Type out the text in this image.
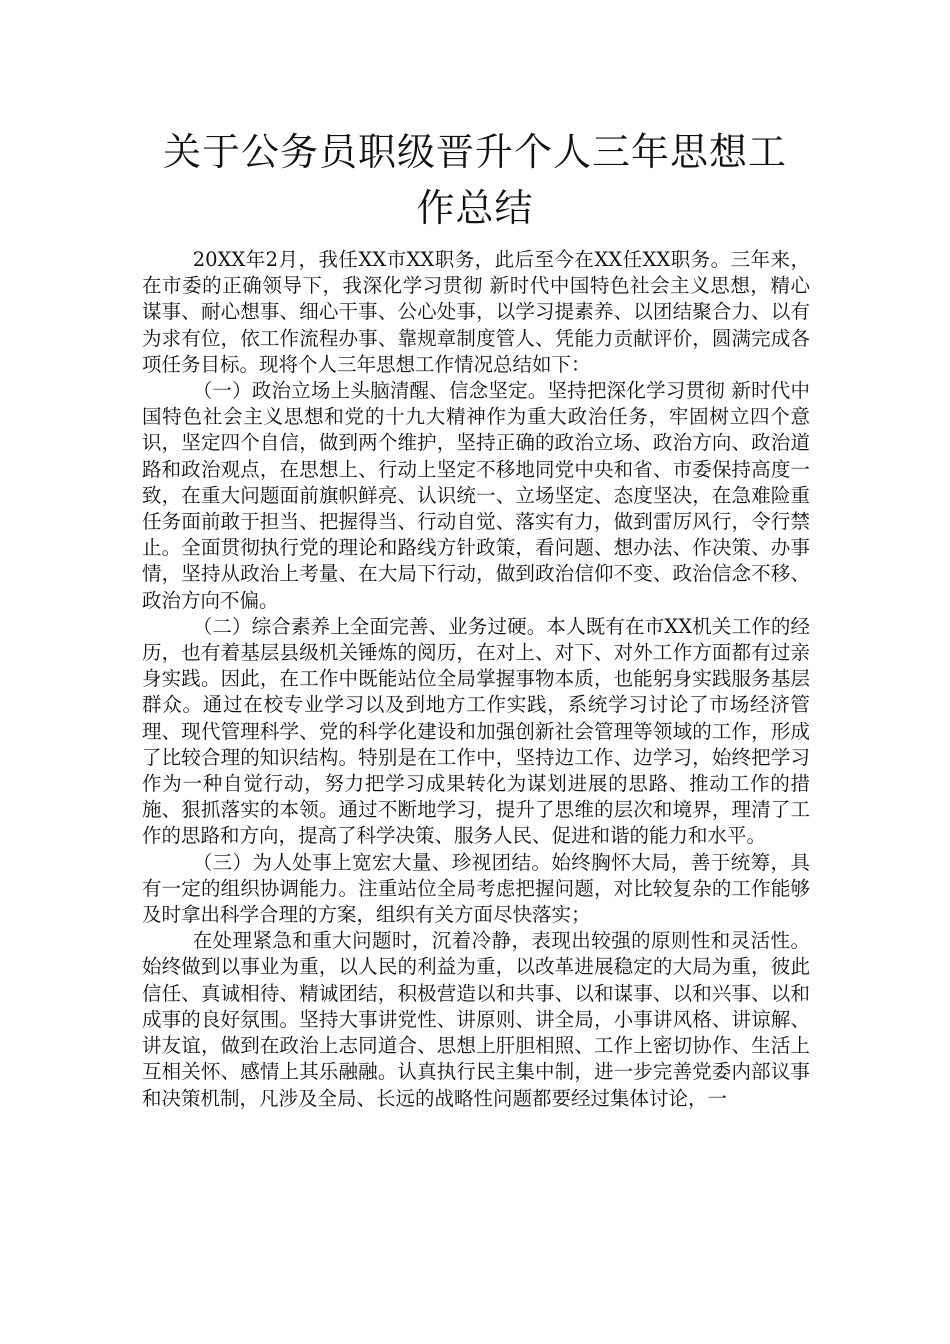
关于公务员职级晋升个人三年思想工作总结

20XX年2月，我任XX市XX职务，此后至今在XX任XX职务。三年来，在市委的正确领导下，我深化学习贯彻 新时代中国特色社会主义思想，精心谋事、耐心想事、细心干事、公心处事，以学习提素养、以团结聚合力、以有为求有位，依工作流程办事、靠规章制度管人、凭能力贡献评价，圆满完成各项任务目标。现将个人三年思想工作情况总结如下：

（一）政治立场上头脑清醒、信念坚定。坚持把深化学习贯彻 新时代中国特色社会主义思想和党的十九大精神作为重大政治任务，牢固树立四个意识，坚定四个自信，做到两个维护，坚持正确的政治立场、政治方向、政治道路和政治观点，在思想上、行动上坚定不移地同党中央和省、市委保持高度一致，在重大问题面前旗帜鲜亮、认识统一、立场坚定、态度坚决，在急难险重任务面前敢于担当、把握得当、行动自觉、落实有力，做到雷厉风行，令行禁止。全面贯彻执行党的理论和路线方针政策，看问题、想办法、作决策、办事情，坚持从政治上考量、在大局下行动，做到政治信仰不变、政治信念不移、政治方向不偏。

（二）综合素养上全面完善、业务过硬。本人既有在市XX机关工作的经历，也有着基层县级机关锤炼的阅历，在对上、对下、对外工作方面都有过亲身实践。因此，在工作中既能站位全局掌握事物本质，也能躬身实践服务基层群众。通过在校专业学习以及到地方工作实践，系统学习讨论了市场经济管理、现代管理科学、党的科学化建设和加强创新社会管理等领域的工作，形成了比较合理的知识结构。特别是在工作中，坚持边工作、边学习，始终把学习作为一种自觉行动，努力把学习成果转化为谋划进展的思路、推动工作的措施、狠抓落实的本领。通过不断地学习，提升了思维的层次和境界，理清了工作的思路和方向，提高了科学决策、服务人民、促进和谐的能力和水平。

（三）为人处事上宽宏大量、珍视团结。始终胸怀大局，善于统筹，具有一定的组织协调能力。注重站位全局考虑把握问题，对比较复杂的工作能够及时拿出科学合理的方案，组织有关方面尽快落实；

在处理紧急和重大问题时，沉着冷静，表现出较强的原则性和灵活性。始终做到以事业为重，以人民的利益为重，以改革进展稳定的大局为重，彼此信任、真诚相待、精诚团结，积极营造以和共事、以和谋事、以和兴事、以和成事的良好氛围。坚持大事讲党性、讲原则、讲全局，小事讲风格、讲谅解、讲友谊，做到在政治上志同道合、思想上肝胆相照、工作上密切协作、生活上互相关怀、感情上其乐融融。认真执行民主集中制，进一步完善党委内部议事和决策机制，凡涉及全局、长远的战略性问题都要经过集体讨论，一
